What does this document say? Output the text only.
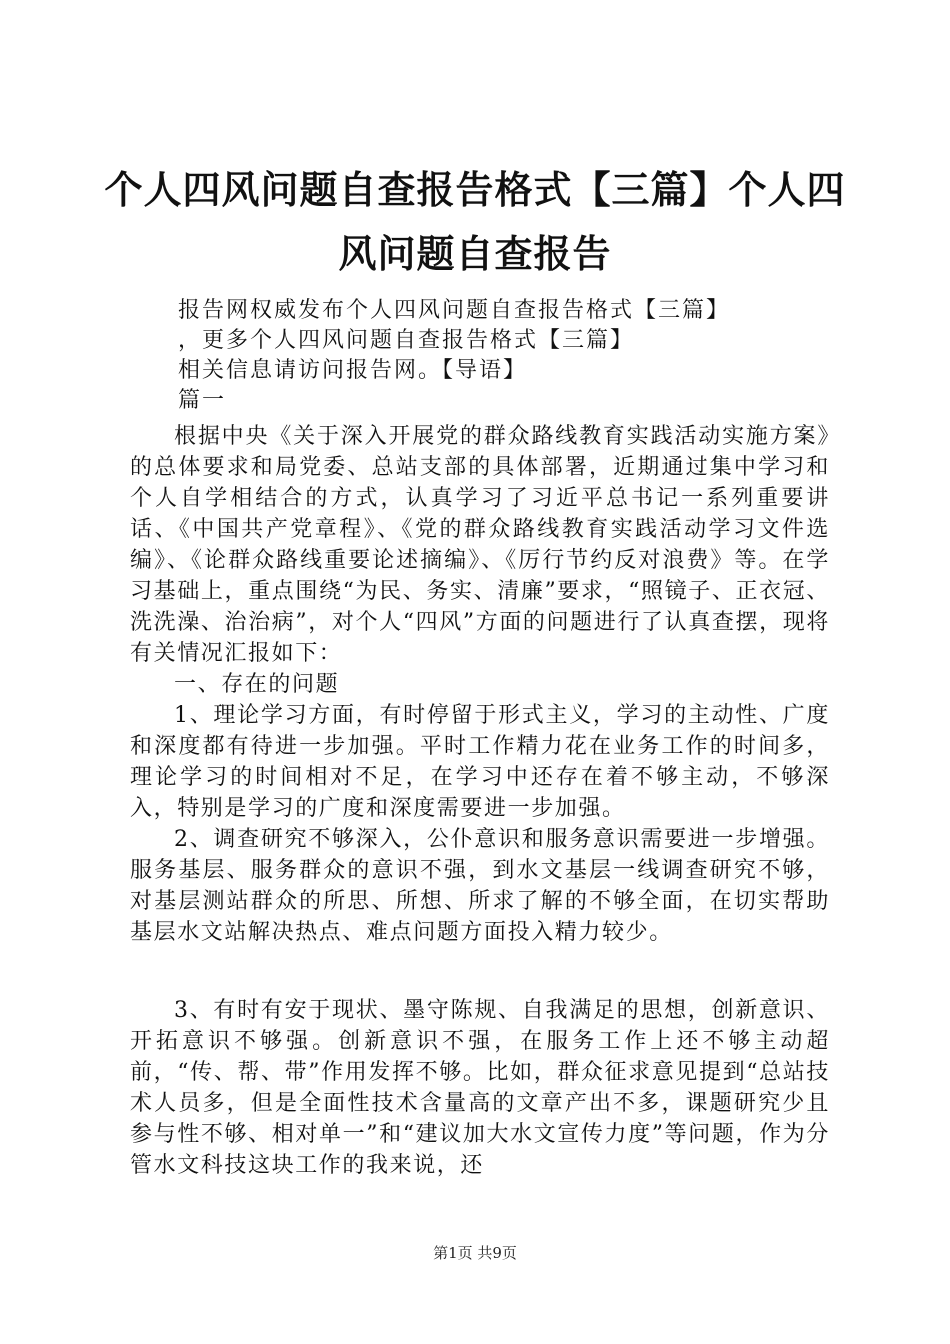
个人四风问题自查报告格式【三篇】个人四风问题自查报告
报告网权威发布个人四风问题自查报告格式【三篇】
，更多个人四风问题自查报告格式【三篇】
相关信息请访问报告网。【导语】
篇一

根据中央《关于深入开展党的群众路线教育实践活动实施方案》的总体要求和局党委、总站支部的具体部署，近期通过集中学习和个人自学相结合的方式，认真学习了习近平总书记一系列重要讲话、《中国共产党章程》、《党的群众路线教育实践活动学习文件选编》、《论群众路线重要论述摘编》、《厉行节约反对浪费》等。在学习基础上，重点围绕“为民、务实、清廉”要求，“照镜子、正衣冠、洗洗澡、治治病”，对个人“四风”方面的问题进行了认真查摆，现将有关情况汇报如下：

一、存在的问题

1、理论学习方面，有时停留于形式主义，学习的主动性、广度和深度都有待进一步加强。平时工作精力花在业务工作的时间多，理论学习的时间相对不足，在学习中还存在着不够主动，不够深入，特别是学习的广度和深度需要进一步加强。

2、调查研究不够深入，公仆意识和服务意识需要进一步增强。服务基层、服务群众的意识不强，到水文基层一线调查研究不够，对基层测站群众的所思、所想、所求了解的不够全面，在切实帮助基层水文站解决热点、难点问题方面投入精力较少。

3、有时有安于现状、墨守陈规、自我满足的思想，创新意识、开拓意识不够强。创新意识不强，在服务工作上还不够主动超前，“传、帮、带”作用发挥不够。比如，群众征求意见提到“总站技术人员多，但是全面性技术含量高的文章产出不多，课题研究少且参与性不够、相对单一”和“建议加大水文宣传力度”等问题，作为分管水文科技这块工作的我来说，还

第1页 共9页
